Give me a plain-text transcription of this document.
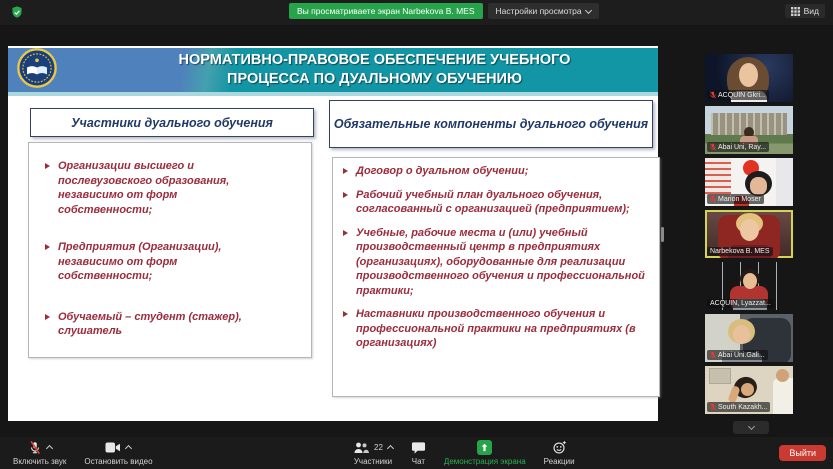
Вы просматриваете экран Narbekova B. MES	Настройки просмотра	Вид
НОРМАТИВНО-ПРАВОВОЕ ОБЕСПЕЧЕНИЕ УЧЕБНОГО
ПРОЦЕССА ПО ДУАЛЬНОМУ ОБУЧЕНИЮ
Участники дуального обучения	Обязательные компоненты дуального обучения
Организации высшего и послевузовского образования, независимо от форм собственности;
Предприятия (Организации), независимо от форм собственности;
Обучаемый – студент (стажер), слушатель
Договор о дуальном обучении;
Рабочий учебный план дуального обучения, согласованный с организацией (предприятием);
Учебные, рабочие места и (или) учебный производственный центр в предприятиях (организациях), оборудованные для реализации производственного обучения и профессиональной практики;
Наставники производственного обучения и профессиональной практики на предприятиях (в организациях)
ACQUIN Gkri...
Abai Uni, Ray...
Marion Moser
Narbekova B. MES
ACQUIN, Lyazzat...
Abai Uni.Gali...
South Kazakh...
Включить звук Остановить видео
22
Участники Чат Демонстрация экрана Реакции
Выйти
